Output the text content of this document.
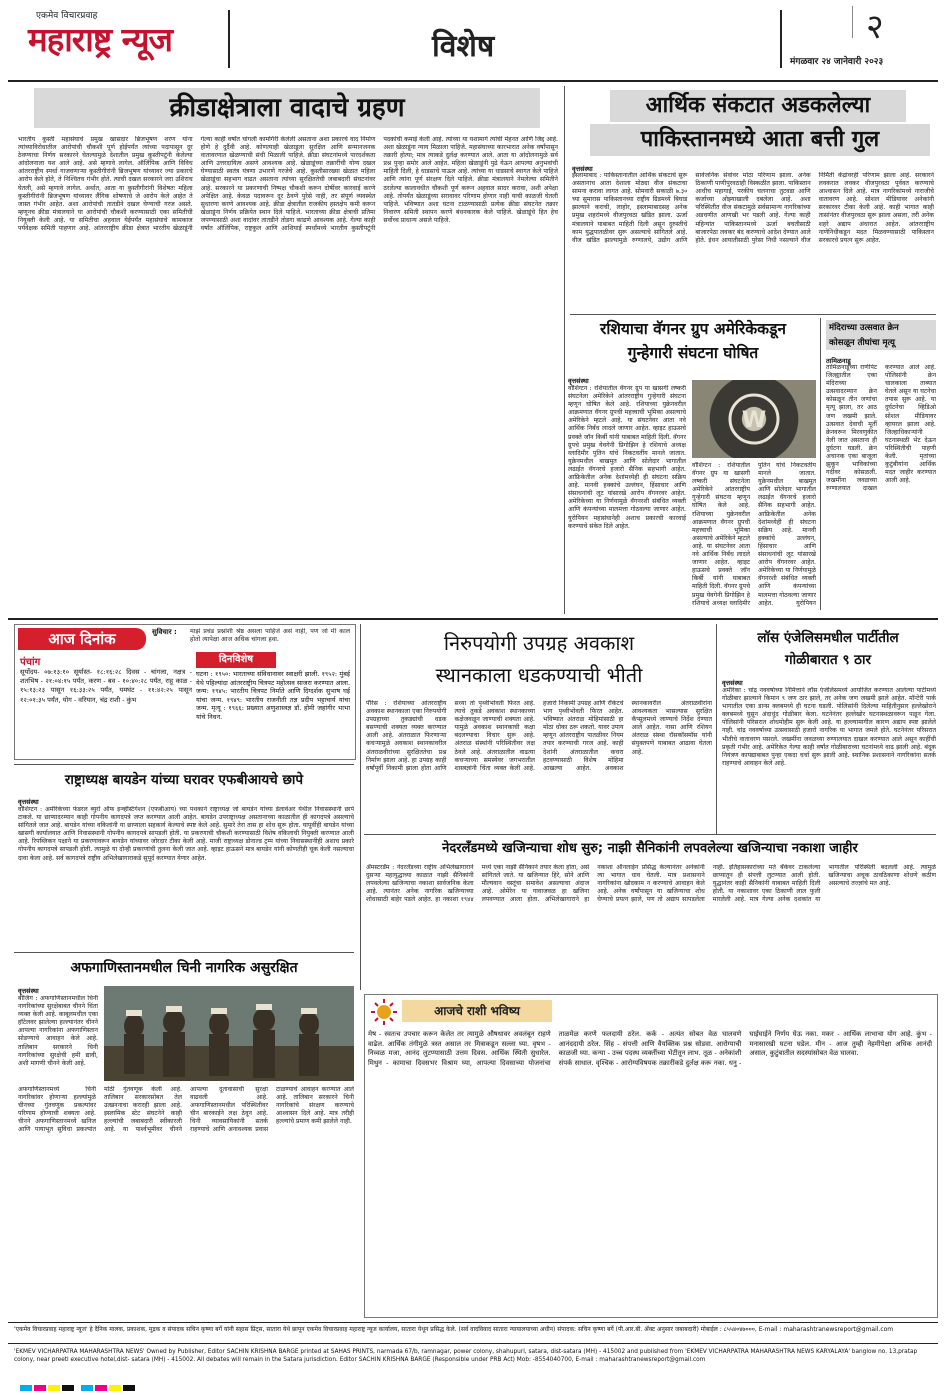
एकमेव विचारप्रवाह
महाराष्ट्र न्यूज	विशेष	२
मंगळवार २४ जानेवारी २०२३
क्रीडाक्षेत्राला वादाचे ग्रहण
भारतीय कुस्ती महासंघाचे प्रमुख खासदार ब्रिजभूषण शरण यांना त्यांच्याविरोधातील आरोपांची चौकशी पूर्ण होईपर्यंत त्यांच्या पदापासून दूर ठेवण्याचा निर्णय सरकारने घेतल्यामुळे देशातील प्रमुख कुस्तीपटूंनी केलेल्या आंदोलनाला यश आले आहे. असे म्हणावे लागेल. ऑलिंपिक आणि विविध आंतरराष्ट्रीय स्पर्धा गाजवणाऱ्या कुस्तीगीरांनी ब्रिजभूषण यांच्यावर ज्या प्रकारचे आरोप केले होते, ते निश्चितच गंभीर होते. त्याची दखल सरकारने जरा उशिराच घेतली, असे म्हणावे लागेल. अर्थात, आता या कुस्तीगीरांनी विशेषतः महिला कुस्तीगीरांनी ब्रिजभूषण यांच्यावर लैंगिक शोषणाचे जे आरोप केले आहेत ते जास्त गंभीर आहेत. अशा आरोपांची तातडीने दखल घेण्याची गरज असते. म्हणूनच क्रीडा मंत्रालयाने या आरोपांची चौकशी करण्यासाठी एका समितीची नियुक्ती केली आहे. या समितीचा अहवाल येईपर्यंत महासंघाचे कामकाज पर्यवेक्षक समिती पाहणार आहे. आंतरराष्ट्रीय क्रीडा क्षेत्रात भारतीय खेळाडूंनी गेल्या काही वर्षांत चांगली कामगिरी केलेली असताना अशा प्रकारचे वाद निर्माण होणे हे दुर्दैवी आहे. कोणत्याही खेळाडूला सुरक्षित आणि सन्मानजनक वातावरणात खेळण्याची संधी मिळाली पाहिजे. क्रीडा संघटनांमध्ये पारदर्शकता आणि उत्तरदायित्व असणे आवश्यक आहे. खेळाडूंच्या तक्रारींची योग्य दखल घेण्यासाठी स्वतंत्र यंत्रणा उभारणे गरजेचे आहे. कुस्तीसारख्या खेळात महिला खेळाडूंचा सहभाग वाढत असताना त्यांच्या सुरक्षिततेची जबाबदारी संघटनांवर आहे. सरकारने या प्रकरणाची निष्पक्ष चौकशी करून दोषींवर कारवाई करणे अपेक्षित आहे. केवळ पदावरून दूर ठेवणे पुरेसे नाही, तर संपूर्ण व्यवस्थेत सुधारणा करणे आवश्यक आहे. क्रीडा क्षेत्रातील राजकीय हस्तक्षेप कमी करून खेळाडूंना निर्णय प्रक्रियेत स्थान दिले पाहिजे. भारताच्या क्रीडा क्षेत्राची प्रतिमा जपण्यासाठी अशा वादांवर तातडीने तोडगा काढणे आवश्यक आहे. गेल्या काही वर्षांत ऑलिंपिक, राष्ट्रकुल आणि आशियाई स्पर्धांमध्ये भारतीय कुस्तीपटूंनी पदकांची कमाई केली आहे. त्यांच्या या यशामागे त्यांची मेहनत आणि जिद्द आहे. अशा खेळाडूंना न्याय मिळाला पाहिजे. महासंघाच्या कारभारात अनेक वर्षांपासून तक्रारी होत्या; मात्र त्याकडे दुर्लक्ष करण्यात आले. आता या आंदोलनामुळे सर्व प्रश्न पुन्हा समोर आले आहेत. महिला खेळाडूंनी पुढे येऊन आपल्या अनुभवांची माहिती दिली, हे धाडसाचे पाऊल आहे. त्यांच्या या धाडसाचे स्वागत केले पाहिजे आणि त्यांना पूर्ण संरक्षण दिले पाहिजे. क्रीडा मंत्रालयाने नेमलेल्या समितीने ठरलेल्या कालावधीत चौकशी पूर्ण करून अहवाल सादर करावा, अशी अपेक्षा आहे. तोपर्यंत खेळाडूंच्या सरावावर परिणाम होणार नाही याची काळजी घेतली पाहिजे. भविष्यात अशा घटना टाळण्यासाठी प्रत्येक क्रीडा संघटनेत तक्रार निवारण समिती स्थापन करणे बंधनकारक केले पाहिजे. खेळाडूंचे हित हेच सर्वोच्च प्राधान्य असले पाहिजे.
आर्थिक संकटात अडकलेल्या
पाकिस्तानमध्ये आता बत्ती गुल
वृत्तसंस्था
इस्लामाबाद : पाकिस्तानातील आर्थिक संकटाचे सुरू असतानाच आता देशाला मोठ्या वीज संकटाचा सामना करावा लागत आहे. सोमवारी सकाळी ७.३० च्या सुमारास पाकिस्तानच्या राष्ट्रीय ग्रिडमध्ये बिघाड झाल्याने कराची, लाहोर, इस्लामाबादसह अनेक प्रमुख शहरांमध्ये वीजपुरवठा खंडित झाला. ऊर्जा मंत्रालयाने याबाबत माहिती दिली असून दुरुस्तीचे काम युद्धपातळीवर सुरू असल्याचे सांगितले आहे. वीज खंडित झाल्यामुळे रुग्णालये, उद्योग आणि सार्वजनिक सेवांवर मोठा परिणाम झाला. अनेक ठिकाणी पाणीपुरवठाही विस्कळीत झाला. पाकिस्तान आधीच महागाई, परकीय चलनाचा तुटवडा आणि कर्जाच्या ओझ्याखाली दबलेला आहे. अशा परिस्थितीत वीज संकटामुळे सर्वसामान्य नागरिकांच्या अडचणीत आणखी भर पडली आहे. गेल्या काही महिन्यांत पाकिस्तानमध्ये ऊर्जा बचतीसाठी बाजारपेठा लवकर बंद करण्याचे आदेश देण्यात आले होते. इंधन आयातीसाठी पुरेसा निधी नसल्याने वीज निर्मिती केंद्रांवरही परिणाम झाला आहे. सरकारने लवकरात लवकर वीजपुरवठा पूर्ववत करण्याचे आश्वासन दिले आहे. मात्र नागरिकांमध्ये नाराजीचे वातावरण आहे. सोशल मीडियावर अनेकांनी सरकारवर टीका केली आहे. काही भागात काही तासांनंतर वीजपुरवठा सुरू झाला असला, तरी अनेक शहरे अद्याप अंधारात आहेत. आंतरराष्ट्रीय नाणेनिधीकडून मदत मिळवण्यासाठी पाकिस्तान सरकारचे प्रयत्न सुरू आहेत.
रशियाचा वॅगनर ग्रुप अमेरिकेकडून
गुन्हेगारी संघटना घोषित
वृत्तसंस्था
वॉशिंग्टन : रशियातील वॅगनर ग्रुप या खासगी लष्करी संघटनेला अमेरिकेने आंतरराष्ट्रीय गुन्हेगारी संघटना म्हणून घोषित केले आहे. रशियाच्या युक्रेनवरील आक्रमणात वॅगनर ग्रुपची महत्त्वाची भूमिका असल्याचे अमेरिकेने म्हटले आहे. या संघटनेवर आता नवे आर्थिक निर्बंध लादले जाणार आहेत. व्हाइट हाऊसचे प्रवक्ते जॉन किर्बी यांनी याबाबत माहिती दिली. वॅगनर ग्रुपचे प्रमुख येवगेनी प्रिगोझिन हे रशियाचे अध्यक्ष व्लादिमीर पुतिन यांचे निकटवर्तीय मानले जातात. युक्रेनमधील बाखमुत आणि सोलेदार भागातील लढाईत वॅगनरचे हजारो सैनिक सहभागी आहेत. आफ्रिकेतील अनेक देशांमध्येही ही संघटना सक्रिय आहे. मानवी हक्कांचे उल्लंघन, हिंसाचार आणि संसाधनांची लूट यांसारखे आरोप वॅगनरवर आहेत. अमेरिकेच्या या निर्णयामुळे वॅगनरशी संबंधित व्यक्ती आणि कंपन्यांच्या मालमत्ता गोठवल्या जाणार आहेत. युरोपियन महासंघानेही अशाच प्रकारची कारवाई करण्याचे संकेत दिले आहेत.
W
वॉशिंग्टन : रशियातील वॅगनर ग्रुप या खासगी लष्करी संघटनेला अमेरिकेने आंतरराष्ट्रीय गुन्हेगारी संघटना म्हणून घोषित केले आहे. रशियाच्या युक्रेनवरील आक्रमणात वॅगनर ग्रुपची महत्त्वाची भूमिका असल्याचे अमेरिकेने म्हटले आहे. या संघटनेवर आता नवे आर्थिक निर्बंध लादले जाणार आहेत. व्हाइट हाऊसचे प्रवक्ते जॉन किर्बी यांनी याबाबत माहिती दिली. वॅगनर ग्रुपचे प्रमुख येवगेनी प्रिगोझिन हे रशियाचे अध्यक्ष व्लादिमीर पुतिन यांचे निकटवर्तीय मानले जातात. युक्रेनमधील बाखमुत आणि सोलेदार भागातील लढाईत वॅगनरचे हजारो सैनिक सहभागी आहेत. आफ्रिकेतील अनेक देशांमध्येही ही संघटना सक्रिय आहे. मानवी हक्कांचे उल्लंघन, हिंसाचार आणि संसाधनांची लूट यांसारखे आरोप वॅगनरवर आहेत. अमेरिकेच्या या निर्णयामुळे वॅगनरशी संबंधित व्यक्ती आणि कंपन्यांच्या मालमत्ता गोठवल्या जाणार आहेत. युरोपियन
मंदिराच्या उत्सवात क्रेन
कोसळून तीघांचा मृत्यू
तामिळनाडू
तामिळनाडूच्या राणीपेट जिल्ह्यातील एका मंदिराच्या उत्सवादरम्यान क्रेन कोसळून तीन जणांचा मृत्यू झाला, तर आठ जण जखमी झाले. उत्सवात देवाची मूर्ती क्रेनवरून मिरवणुकीत नेली जात असताना ही दुर्घटना घडली. क्रेन अचानक एका बाजूला झुकून भाविकांच्या गर्दीवर कोसळली. जखमींना जवळच्या रुग्णालयात दाखल करण्यात आले आहे. पोलिसांनी क्रेन चालकाला ताब्यात घेतले असून या घटनेचा तपास सुरू आहे. या दुर्घटनेचा व्हिडिओ सोशल मीडियावर व्हायरल झाला आहे. जिल्हाधिकाऱ्यांनी घटनास्थळी भेट देऊन परिस्थितीची पाहणी केली. मृतांच्या कुटुंबीयांना आर्थिक मदत जाहीर करण्यात आली आहे.
आज दिनांक	सुविचार : माझं प्रचंड प्रश्नांशी श्रेष्ठ असला पाहिजे असं नाही, पण जो मी काल होतो त्यापेक्षा आज अधिक चांगला हवा.
पंचांग
सूर्योदय- ०७:१३:१० सूर्यास्त- १८:१६:२८ दिवस - चांगला, नक्षत्र - शतभिष - २१:०४:१५ पर्यंत, करण - बव - १०:४०:२८ पर्यंत, राहू काळ - १५:१३:२३ पासून १६:३३:२५ पर्यंत, यमघंट - ११:४२:२५ पासून १२:०१:३५ पर्यंत, योग - वरियान, चंद्र राशी - कुंभ
दिनविशेष
घटना : १९५०: भारताच्या संविधानावर स्वाक्षरी झाली. १९५२: मुंबई येथे पहिल्यांदा आंतरराष्ट्रीय चित्रपट महोत्सव साजरा करण्यात आला. जन्म: १९४५: भारतीय चित्रपट निर्माते आणि दिग्दर्शक सुभाष घई यांचा जन्म. १९४९: भारतीय राजनीती तज्ञ प्रदीप भट्टाचार्य यांचा जन्म. मृत्यू : १९६६: प्रख्यात अणुशास्त्रज्ञ डॉ. होमी जहांगीर भाभा यांचे निधन.
निरुपयोगी उपग्रह अवकाश
स्थानकाला धडकण्याची भीती
पॅरिस : रशियाच्या आंतरराष्ट्रीय अवकाश स्थानकाला एका निरुपयोगी उपग्रहाच्या तुकड्यांची धडक बसण्याची शक्यता व्यक्त करण्यात आली आहे. अंतराळात फिरणाऱ्या कचऱ्यामुळे अवकाश स्थानकावरील अंतराळवीरांच्या सुरक्षिततेचा प्रश्न निर्माण झाला आहे. हा उपग्रह काही वर्षांपूर्वी निकामी झाला होता आणि सध्या तो पृथ्वीभोवती फिरत आहे. त्याचे तुकडे अवकाश स्थानकाच्या कक्षेजवळून जाण्याची शक्यता आहे. यामुळे अवकाश स्थानकाची कक्षा बदलण्याचा विचार सुरू आहे. अंतराळ संस्थांनी परिस्थितीवर लक्ष ठेवले आहे. अंतराळातील वाढत्या कचऱ्याच्या समस्येवर जगभरातील शास्त्रज्ञांनी चिंता व्यक्त केली आहे. हजारो निकामी उपग्रह आणि रॉकेटचे भाग पृथ्वीभोवती फिरत आहेत. भविष्यात अंतराळ मोहिमांसाठी हा मोठा धोका ठरू शकतो. यावर उपाय म्हणून आंतरराष्ट्रीय पातळीवर नियम तयार करण्याची गरज आहे. काही देशांनी अंतराळातील कचरा हटवण्यासाठी विशेष मोहिमा आखल्या आहेत. अवकाश स्थानकावरील अंतराळवीरांना आवश्यकता भासल्यास सुरक्षित कॅप्सूलमध्ये जाण्याचे निर्देश देण्यात आले आहेत. नासा आणि रशियन अंतराळ संस्था रॉसकॉसमॉस यांनी संयुक्तपणे याबाबत आढावा घेतला आहे.
लॉस एंजेलिसमधील पार्टीतील
गोळीबारात ९ ठार
वृत्तसंस्था
अमेरिका : चांद्र नववर्षाच्या निमित्ताने लॉस एंजेलिसमध्ये आयोजित करण्यात आलेल्या पार्टीमध्ये गोळीबार झाल्याने किमान ९ जण ठार झाले, तर अनेक जण जखमी झाले आहेत. मॉन्टेरी पार्क भागातील एका डान्स क्लबमध्ये ही घटना घडली. पोलिसांनी दिलेल्या माहितीनुसार हल्लेखोराने क्लबमध्ये घुसून अंदाधुंद गोळीबार केला. घटनेनंतर हल्लेखोर घटनास्थळावरून पळून गेला. पोलिसांनी परिसरात शोधमोहीम सुरू केली आहे. या हल्ल्यामागील कारण अद्याप स्पष्ट झालेले नाही. चांद्र नववर्षाच्या उत्सवासाठी हजारो नागरिक या भागात जमले होते. घटनेनंतर परिसरात भीतीचे वातावरण पसरले. जखमींना जवळच्या रुग्णालयात दाखल करण्यात आले असून काहींची प्रकृती गंभीर आहे. अमेरिकेत गेल्या काही वर्षांत गोळीबाराच्या घटनांमध्ये वाढ झाली आहे. बंदूक नियंत्रण कायद्याबाबत पुन्हा एकदा चर्चा सुरू झाली आहे. स्थानिक प्रशासनाने नागरिकांना सतर्क राहण्याचे आवाहन केले आहे.
राष्ट्राध्यक्ष बायडेन यांच्या घरावर एफबीआयचे छापे
वृत्तसंस्था
वॉशिंग्टन : अमेरिकेच्या फेडरल ब्युरो ऑफ इन्व्हेस्टिगेशन (एफबीआय) च्या पथकाने राष्ट्राध्यक्ष जो बायडेन यांच्या डेलावेअर येथील निवासस्थानी छापे टाकले. या छाप्यादरम्यान काही गोपनीय कागदपत्रे जप्त करण्यात आली आहेत. बायडेन उपराष्ट्राध्यक्ष असतानाच्या काळातील ही कागदपत्रे असल्याचे सांगितले जात आहे. बायडेन यांच्या वकिलांनी या छाप्याला सहकार्य केल्याचे स्पष्ट केले आहे. सुमारे तेरा तास हा शोध सुरू होता. यापूर्वीही बायडेन यांच्या खासगी कार्यालयात आणि निवासस्थानी गोपनीय कागदपत्रे सापडली होती. या प्रकरणाची चौकशी करण्यासाठी विशेष वकिलाची नियुक्ती करण्यात आली आहे. रिपब्लिकन पक्षाने या प्रकरणावरून बायडेन यांच्यावर जोरदार टीका केली आहे. माजी राष्ट्राध्यक्ष डोनाल्ड ट्रम्प यांच्या निवासस्थानीही अशाच प्रकारे गोपनीय कागदपत्रे सापडली होती. त्यामुळे या दोन्ही प्रकरणांची तुलना केली जात आहे. व्हाइट हाऊसने मात्र बायडेन यांनी कोणतीही चूक केली नसल्याचा दावा केला आहे. सर्व कागदपत्रे राष्ट्रीय अभिलेखागाराकडे सुपूर्द करण्यात येणार आहेत.
नेदरलँडमध्ये खजिन्याचा शोध सुरु; नाझी सैनिकांनी लपवलेल्या खजिन्याचा नकाशा जाहीर
ॲमस्टरडॅम : नेदरलँडच्या राष्ट्रीय अभिलेखागाराने दुसऱ्या महायुद्धाच्या काळात नाझी सैनिकांनी लपवलेल्या खजिन्याचा नकाशा सार्वजनिक केला आहे. त्यानंतर अनेक नागरिक खजिन्याच्या शोधासाठी बाहेर पडले आहेत. हा नकाशा १९४४ मध्ये एका नाझी सैनिकाने तयार केला होता, असे सांगितले जाते. या खजिन्यात हिरे, सोने आणि मौल्यवान वस्तूंचा समावेश असल्याचा अंदाज आहे. ओमेरेन या गावाजवळ हा खजिना लपवण्यात आला होता. अभिलेखागाराने हा नकाशा ऑनलाईन प्रसिद्ध केल्यानंतर अनेकांनी त्या भागात धाव घेतली. मात्र प्रशासनाने नागरिकांना खोदकाम न करण्याचे आवाहन केले आहे. अनेक वर्षांपासून या खजिन्याचा शोध घेण्याचे प्रयत्न झाले, पण तो अद्याप सापडलेला नाही. इतिहासकारांच्या मते बँकेवर टाकलेल्या छाप्यातून ही संपत्ती लुटण्यात आली होती. युद्धानंतर काही सैनिकांनी याबाबत माहिती दिली होती. या नकाशावर एका ठिकाणी लाल फुली मारलेली आहे. मात्र गेल्या अनेक दशकांत या भागातील परिस्थिती बदलली आहे. त्यामुळे खजिन्याचा अचूक ठावठिकाणा शोधणे कठीण असल्याचे तज्ज्ञांचे मत आहे.
अफगाणिस्तानमधील चिनी नागरिक असुरक्षित
वृत्तसंस्था
बीजिंग : अफगाणिस्तानमधील चिनी नागरिकांच्या सुरक्षेबाबत चीनने चिंता व्यक्त केली आहे. काबूलमधील एका हॉटेलवर झालेल्या हल्ल्यानंतर चीनने आपल्या नागरिकांना अफगाणिस्तान सोडण्याचे आवाहन केले आहे. तालिबान सरकारने चिनी नागरिकांच्या सुरक्षेची हमी द्यावी, अशी मागणी चीनने केली आहे.
अफगाणिस्तानमध्ये चिनी नागरिकांवर होणाऱ्या हल्ल्यांमुळे चीनच्या गुंतवणूक प्रकल्पांवर परिणाम होण्याची शक्यता आहे. चीनने अफगाणिस्तानमध्ये खनिज आणि पायाभूत सुविधा प्रकल्पांत मोठी गुंतवणूक केली आहे. तालिबान सरकारसोबत तेल उत्खननाचा करारही झाला आहे. इस्लामिक स्टेट संघटनेने काही हल्ल्यांची जबाबदारी स्वीकारली आहे. या पार्श्वभूमीवर चीनने आपल्या दूतावासाची सुरक्षा वाढवली आहे. अफगाणिस्तानमधील परिस्थितीवर चीन बारकाईने लक्ष ठेवून आहे. चिनी व्यावसायिकांनी सतर्क राहण्याचे आणि अनावश्यक प्रवास टाळण्याचे आवाहन करण्यात आले आहे. तालिबान सरकारने चिनी नागरिकांचे संरक्षण करण्याचे आश्वासन दिले आहे. मात्र तरीही हल्ल्यांचे प्रमाण कमी झालेले नाही.
आजचे राशी भविष्य
मेष - स्वतःच उपचार करून केलेत तर त्यामुळे औषधावर अवलंबून राहणे वाढेल. आर्थिक तंगीमुळे त्रस्त असाल तर मित्राकडून सल्ला घ्या. वृषभ - निव्वळ मजा, आनंद लुटण्यासाठी उत्तम दिवस. आर्थिक स्थिती सुधारेल. मिथुन - कामाचा दिवसभर विश्राम घ्या, आपल्या दिवसाच्या योजनांचा ताळमेळ करणे फलदायी ठरेल. कर्क - अत्यंत सोबत वेळ घालवणे आनंददायी ठरेल. सिंह - संपत्ती आणि वैयक्तिक प्रश्न सोडवा. आरोग्याची काळजी घ्या. कन्या - उच्च पदस्थ व्यक्तींच्या भेटीतून लाभ. तूळ - अनेकांशी संपर्क साधाल. वृश्चिक - आरोग्यविषयक तक्रारींकडे दुर्लक्ष करू नका. धनु - घाईघाईने निर्णय घेऊ नका. मकर - आर्थिक लाभाचा योग आहे. कुंभ - मनासारखी घटना घडेल. मीन - आज तुम्ही नेहमीपेक्षा अधिक आनंदी असाल, कुटुंबातील सदस्यांसोबत वेळ घालवा.
'एकमेव विचारप्रवाह महाराष्ट्र न्यूज' हे दैनिक मालक, प्रकाशक, मुद्रक व संपादक सचिन कृष्णा बर्गे यांनी सहास प्रिंट्स, सातारा येथे छापून एकमेव विचारप्रवाह महाराष्ट्र न्यूज कार्यालय, सातारा येथून प्रसिद्ध केले. (सर्व वादविवाद सातारा न्यायालयाच्या अधीन) संपादक: सचिन कृष्णा बर्गे (पी.आर.बी. ॲक्ट अनुसार जबाबदारी) मोबाईल : ८५५४०४७०००, E-mail : maharashtranewsreport@gmail.com
'EKMEV VICHARPATRA MAHARASHTRA NEWS' Owned by Publisher, Editor SACHIN KRISHNA BARGE printed at SAHAS PRINTS, narmada 67/b, ramnagar, power colony, shahupuri, satara, dist-satara (MH) - 415002 and published from 'EKMEV VICHARPATRA MAHARASHTRA NEWS KARYALAYA' banglow no. 13,pratap colony, near preeti executive hotel,dist- satara (MH) - 415002. All debates will remain in the Satara jurisdiction. Editor SACHIN KRISHNA BARGE (Responsible under PRB Act) Mob: -8554040700, E-mail : maharashtranewsreport@gmail.com
